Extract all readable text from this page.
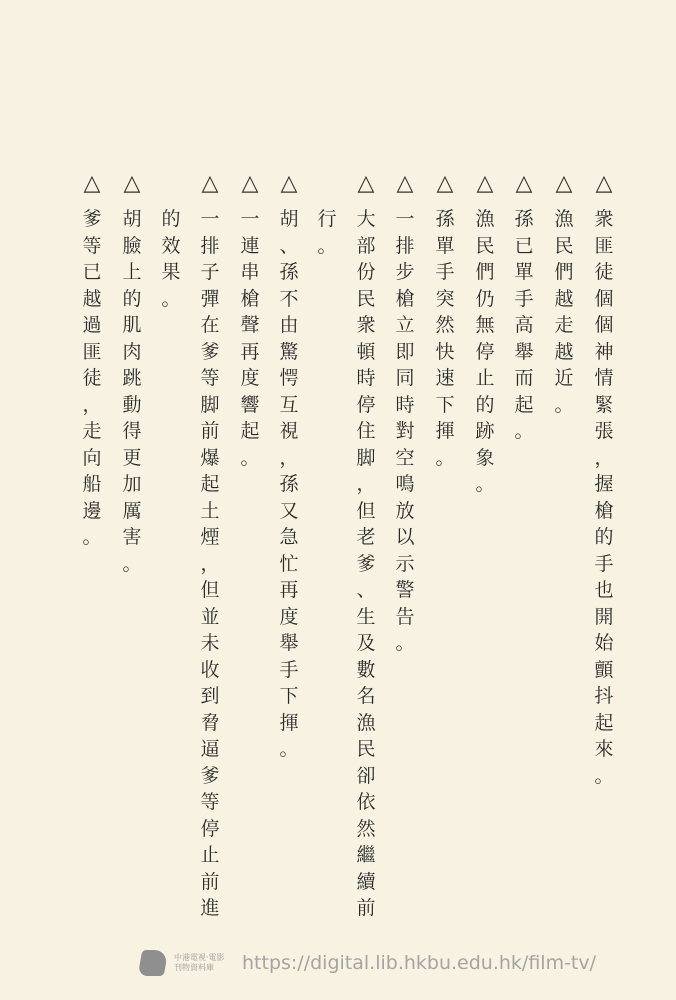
△
衆匪徒個個神情緊張，握槍的手也開始顫抖起來。
△
漁民們越走越近。
△
孫已單手高舉而起。
△
漁民們仍無停止的跡象。
△
孫單手突然快速下揮。
△
一排步槍立即同時對空鳴放以示警告。
△
大部份民衆頓時停住脚，但老爹、生及數名漁民卻依然繼續前
行。
△
胡、孫不由驚愕互視，孫又急忙再度舉手下揮。
△
一連串槍聲再度響起。
△
一排子彈在爹等脚前爆起土煙，但並未收到脅逼爹等停止前進
的效果。
△
胡臉上的肌肉跳動得更加厲害。
△
爹等已越過匪徒，走向船邊。
中港電視·電影 刊物資料庫	https://digital.lib.hkbu.edu.hk/film-tv/
